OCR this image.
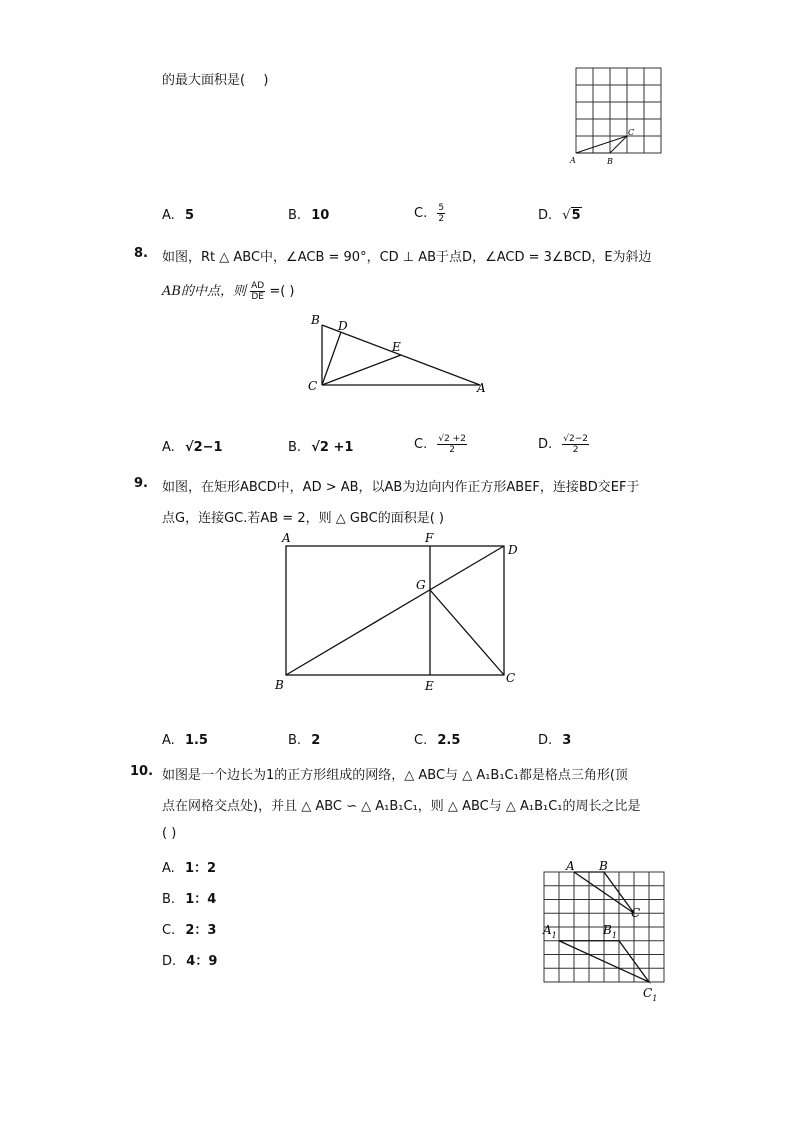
的最大面积是( )
A	B
C
A. 5	B. 10	C. $\frac{5}{2}$	D. √5
8. 如图，Rt △ ABC中，∠ACB = 90°，CD ⊥ AB于点D，∠ACD = 3∠BCD，E为斜边
AB的中点，则 $\frac{AD}{DE}$ =( )
B D
E
C	A
A. √2−1	B. √2 +1	C. $\frac{√2 +2}{2}$	D. $\frac{√2-2}{2}$
9. 如图，在矩形ABCD中，AD > AB，以AB为边向内作正方形ABEF，连接BD交EF于
点G，连接GC.若AB = 2，则 △ GBC的面积是( )
A	F
D
G
B	E
C
A. 1.5	B. 2	C. 2.5	D. 3
10. 如图是一个边长为1的正方形组成的网络，△ ABC与 △ A₁B₁C₁都是格点三角形(顶
点在网格交点处)，并且 △ ABC ∽ △ A₁B₁C₁，则 △ ABC与 △ A₁B₁C₁的周长之比是
( )
A. 1：2
B. 1：4
C. 2：3
D. 4：9
A B
C
$A_1$	$B_1$
$C_1$
